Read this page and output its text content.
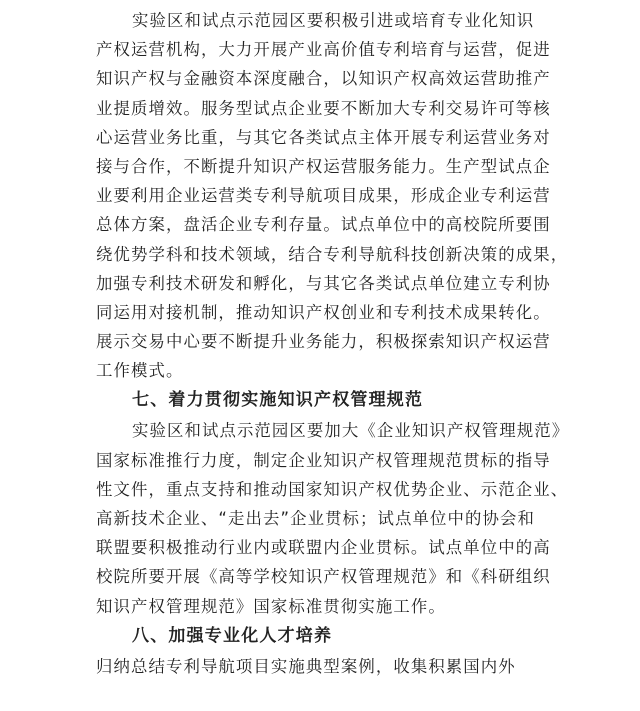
实验区和试点示范园区要积极引进或培育专业化知识
产权运营机构，大力开展产业高价值专利培育与运营，促进
知识产权与金融资本深度融合，以知识产权高效运营助推产
业提质增效。服务型试点企业要不断加大专利交易许可等核
心运营业务比重，与其它各类试点主体开展专利运营业务对
接与合作，不断提升知识产权运营服务能力。生产型试点企
业要利用企业运营类专利导航项目成果，形成企业专利运营
总体方案，盘活企业专利存量。试点单位中的高校院所要围
绕优势学科和技术领域，结合专利导航科技创新决策的成果，
加强专利技术研发和孵化，与其它各类试点单位建立专利协
同运用对接机制，推动知识产权创业和专利技术成果转化。
展示交易中心要不断提升业务能力，积极探索知识产权运营
工作模式。
七、着力贯彻实施知识产权管理规范
实验区和试点示范园区要加大《企业知识产权管理规范》
国家标准推行力度，制定企业知识产权管理规范贯标的指导
性文件，重点支持和推动国家知识产权优势企业、示范企业、
高新技术企业、“走出去”企业贯标；试点单位中的协会和
联盟要积极推动行业内或联盟内企业贯标。试点单位中的高
校院所要开展《高等学校知识产权管理规范》和《科研组织
知识产权管理规范》国家标准贯彻实施工作。
八、加强专业化人才培养
归纳总结专利导航项目实施典型案例，收集积累国内外
